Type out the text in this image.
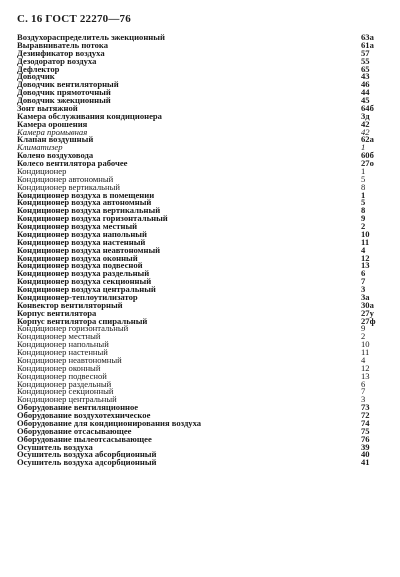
С. 16 ГОСТ 22270—76
Воздухораспределитель эжекционный	63а
Выравниватель потока	61а
Дезинфикатор воздуха	57
Дезодоратор воздуха	55
Дефлектор	65
Доводчик	43
Доводчик вентиляторный	46
Доводчик прямоточный	44
Доводчик эжекционный	45
Зонт вытяжной	64б
Камера обслуживания кондиционера	3д
Камера орошения	42
Камера промывная	42
Клапан воздушный	62а
Климатизер	1
Колено воздуховода	60б
Колесо вентилятора рабочее	27о
Кондиционер	1
Кондиционер автономный	5
Кондиционер вертикальный	8
Кондиционер воздуха в помещении	1
Кондиционер воздуха автономный	5
Кондиционер воздуха вертикальный	8
Кондиционер воздуха горизонтальный	9
Кондиционер воздуха местный	2
Кондиционер воздуха напольный	10
Кондиционер воздуха настенный	11
Кондиционер воздуха неавтономный	4
Кондиционер воздуха оконный	12
Кондиционер воздуха подвесной	13
Кондиционер воздуха раздельный	6
Кондиционер воздуха секционный	7
Кондиционер воздуха центральный	3
Кондиционер-теплоутилизатор	3а
Конвектор вентиляторный	30а
Корпус вентилятора	27у
Корпус вентилятора спиральный	27ф
Кондиционер горизонтальный	9
Кондиционер местный	2
Кондиционер напольный	10
Кондиционер настенный	11
Кондиционер неавтономный	4
Кондиционер оконный	12
Кондиционер подвесной	13
Кондиционер раздельный	6
Кондиционер секционный	7
Кондиционер центральный	3
Оборудование вентиляционное	73
Оборудование воздухотехническое	72
Оборудование для кондиционирования воздуха	74
Оборудование отсасывающее	75
Оборудование пылеотсасывающее	76
Осушитель воздуха	39
Осушитель воздуха абсорбционный	40
Осушитель воздуха адсорбционный	41
